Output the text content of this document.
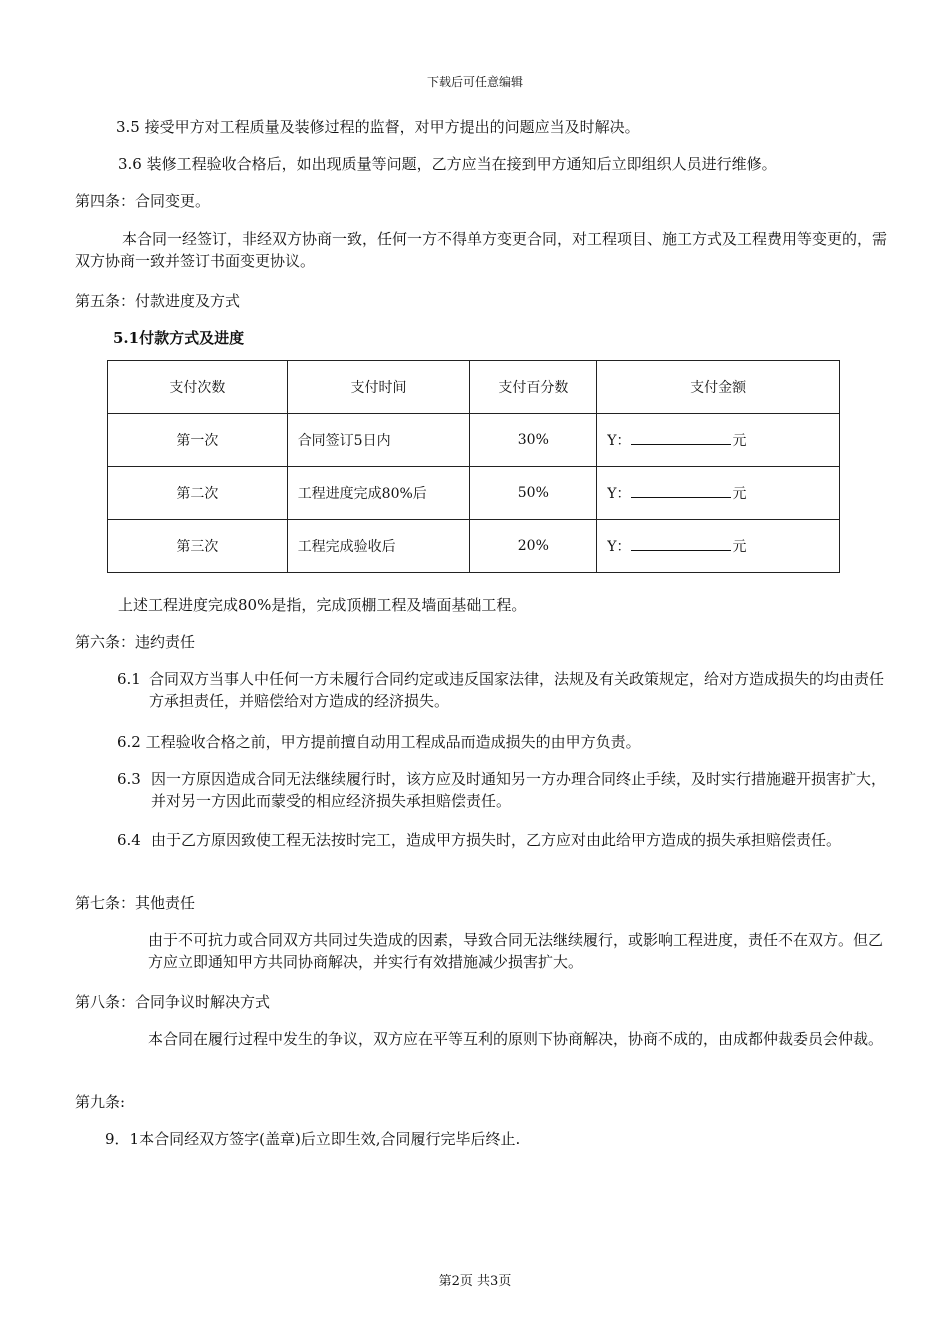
下载后可任意编辑
3.5 接受甲方对工程质量及装修过程的监督，对甲方提出的问题应当及时解决。
3.6 装修工程验收合格后，如出现质量等问题，乙方应当在接到甲方通知后立即组织人员进行维修。
第四条：合同变更。
本合同一经签订，非经双方协商一致，任何一方不得单方变更合同，对工程项目、施工方式及工程费用等变更的，需双方协商一致并签订书面变更协议。
第五条：付款进度及方式
5.1付款方式及进度
支付次数	支付时间	支付百分数	支付金额
第一次	合同签订5日内	30%	Y： 元
第二次	工程进度完成80%后	50%	Y： 元
第三次	工程完成验收后	20%	Y： 元
上述工程进度完成80%是指，完成顶棚工程及墙面基础工程。
第六条：违约责任
6.1 合同双方当事人中任何一方未履行合同约定或违反国家法律，法规及有关政策规定，给对方造成损失的均由责任方承担责任，并赔偿给对方造成的经济损失。
6.2 工程验收合格之前，甲方提前擅自动用工程成品而造成损失的由甲方负责。
6.3 因一方原因造成合同无法继续履行时，该方应及时通知另一方办理合同终止手续，及时实行措施避开损害扩大，并对另一方因此而蒙受的相应经济损失承担赔偿责任。
6.4 由于乙方原因致使工程无法按时完工，造成甲方损失时，乙方应对由此给甲方造成的损失承担赔偿责任。
第七条：其他责任
由于不可抗力或合同双方共同过失造成的因素，导致合同无法继续履行，或影响工程进度，责任不在双方。但乙方应立即通知甲方共同协商解决，并实行有效措施减少损害扩大。
第八条：合同争议时解决方式
本合同在履行过程中发生的争议，双方应在平等互利的原则下协商解决，协商不成的，由成都仲裁委员会仲裁。
第九条:
9．1本合同经双方签字(盖章)后立即生效,合同履行完毕后终止.
第2页 共3页
